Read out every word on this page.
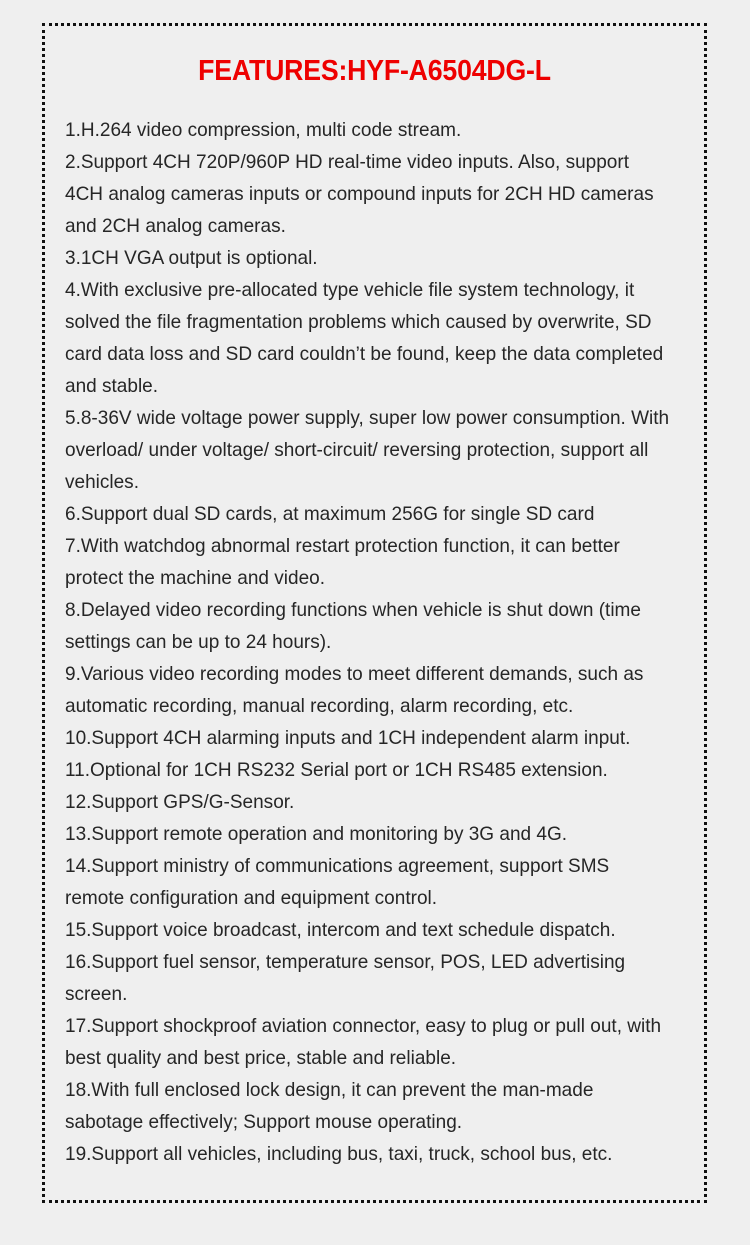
FEATURES:HYF-A6504DG-L
1.H.264 video compression, multi code stream.
2.Support 4CH 720P/960P HD real-time video inputs. Also, support 4CH analog cameras inputs or compound inputs for 2CH HD cameras and 2CH analog cameras.
3.1CH VGA output is optional.
4.With exclusive pre-allocated type vehicle file system technology, it solved the file fragmentation problems which caused by overwrite, SD card data loss and SD card couldn’t be found, keep the data completed and stable.
5.8-36V wide voltage power supply, super low power consumption. With overload/ under voltage/ short-circuit/ reversing protection, support all vehicles.
6.Support dual SD cards, at maximum 256G for single SD card
7.With watchdog abnormal restart protection function, it can better protect the machine and video.
8.Delayed video recording functions when vehicle is shut down (time settings can be up to 24 hours).
9.Various video recording modes to meet different demands, such as automatic recording, manual recording, alarm recording, etc.
10.Support 4CH alarming inputs and 1CH independent alarm input.
11.Optional for 1CH RS232 Serial port or 1CH RS485 extension.
12.Support GPS/G-Sensor.
13.Support remote operation and monitoring by 3G and 4G.
14.Support ministry of communications agreement, support SMS remote configuration and equipment control.
15.Support voice broadcast, intercom and text schedule dispatch.
16.Support fuel sensor, temperature sensor, POS, LED advertising screen.
17.Support shockproof aviation connector, easy to plug or pull out, with best quality and best price, stable and reliable.
18.With full enclosed lock design, it can prevent the man-made sabotage effectively; Support mouse operating.
19.Support all vehicles, including bus, taxi, truck, school bus, etc.
